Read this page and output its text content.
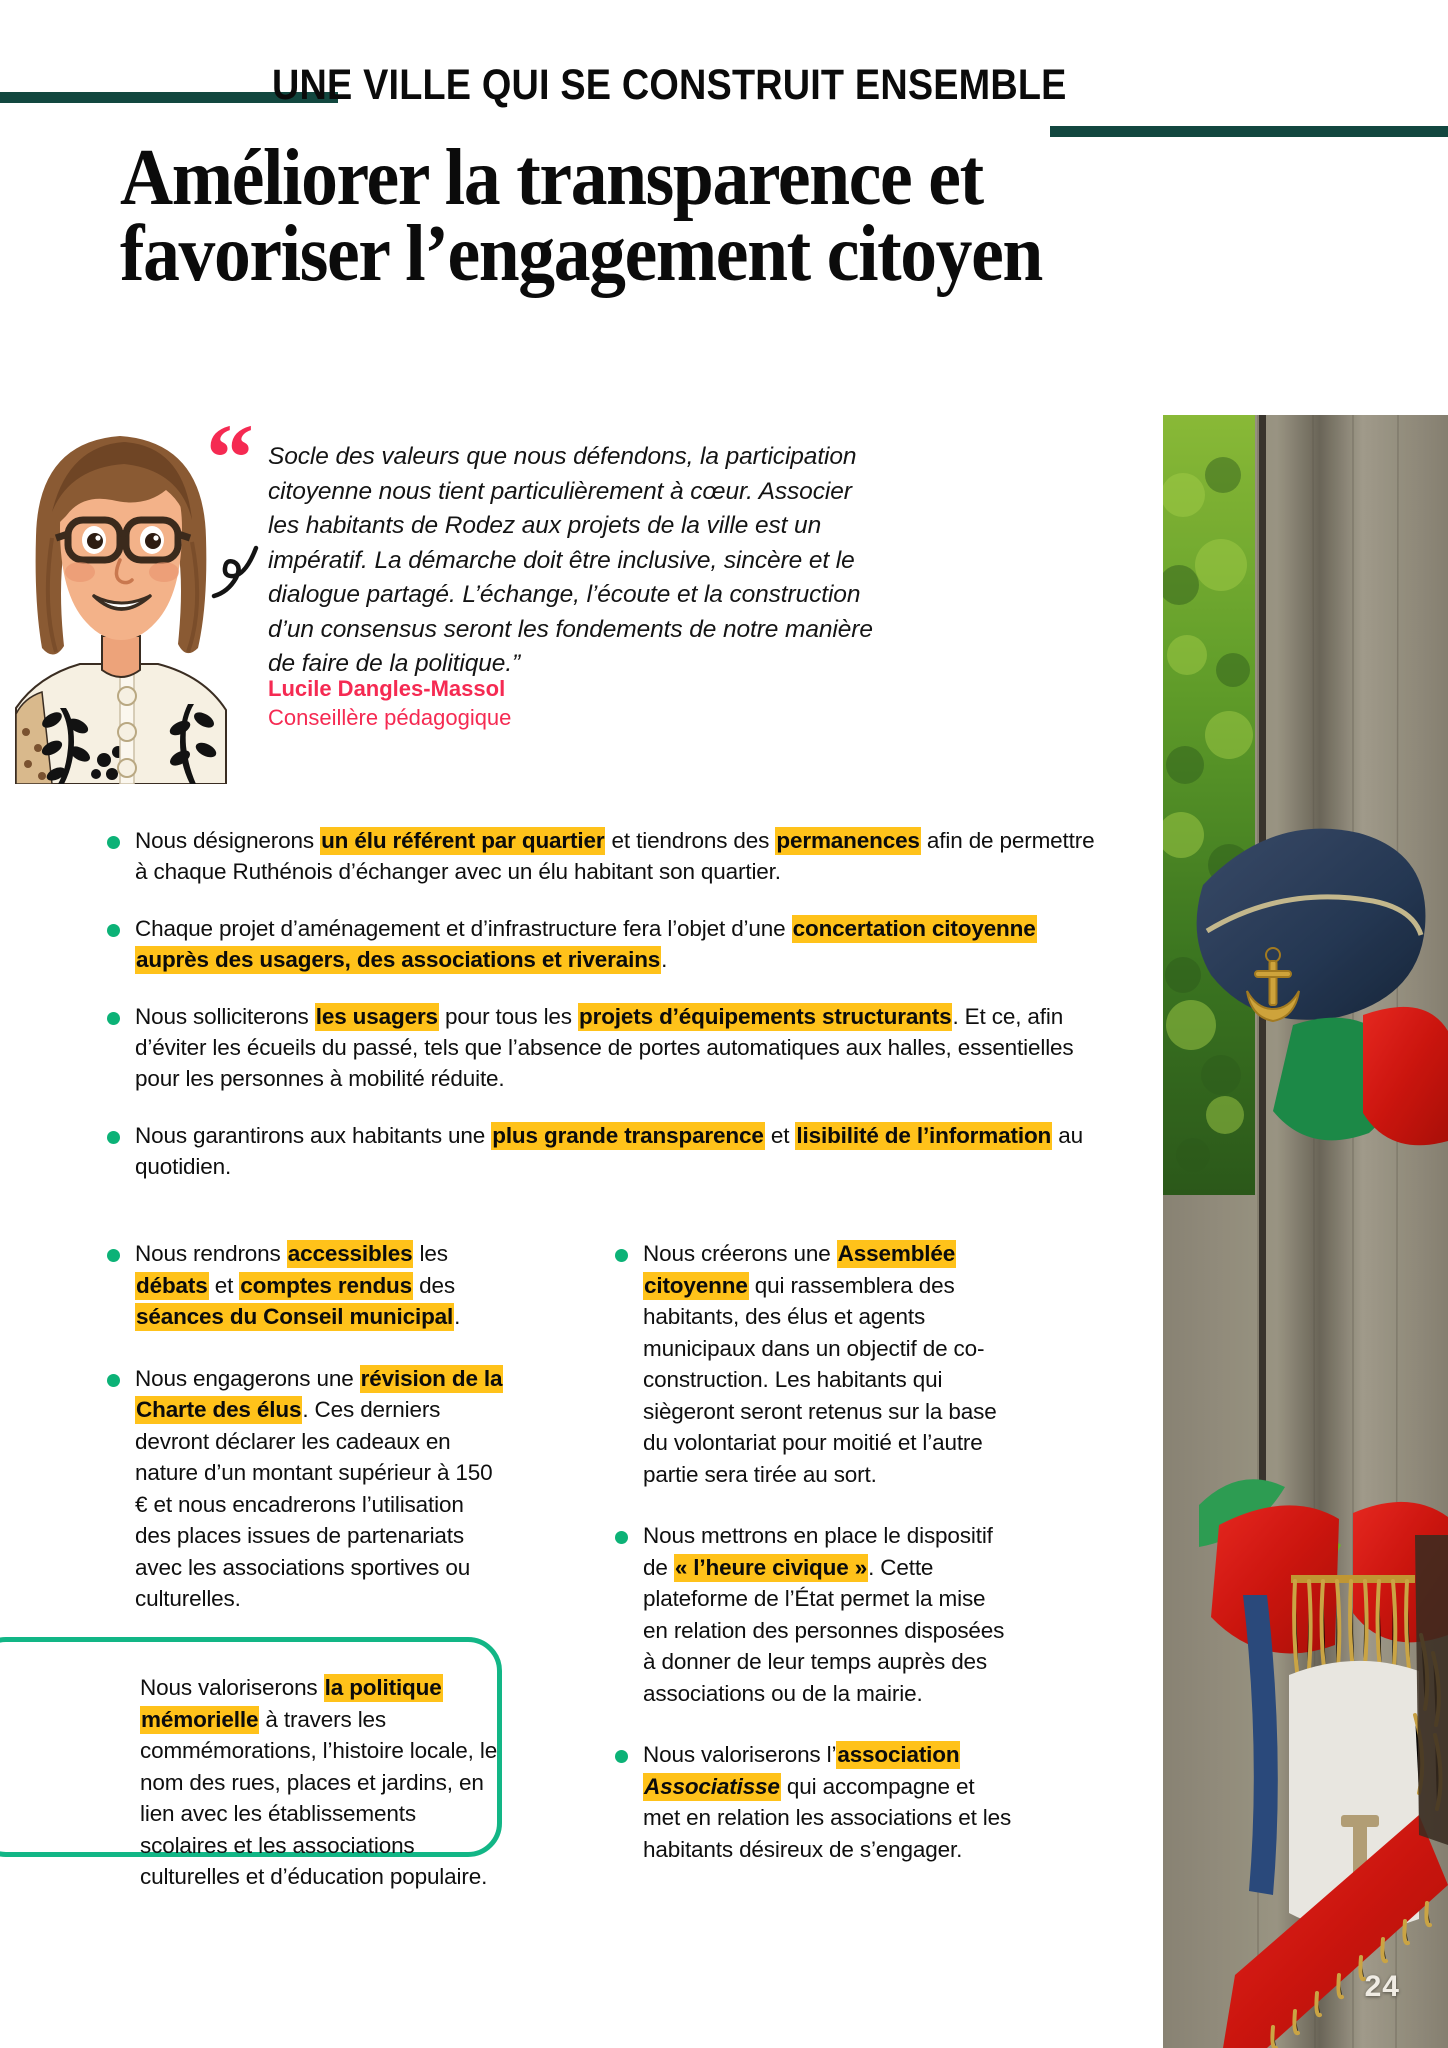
UNE VILLE QUI SE CONSTRUIT ENSEMBLE
Améliorer la transparence et
favoriser l’engagement citoyen
“ Socle des valeurs que nous défendons, la participation citoyenne nous tient particulièrement à cœur. Associer les habitants de Rodez aux projets de la ville est un impératif. La démarche doit être inclusive, sincère et le dialogue partagé. L’échange, l’écoute et la construction d’un consensus seront les fondements de notre manière de faire de la politique.”
Lucile Dangles-Massol
Conseillère pédagogique
24
Nous désignerons un élu référent par quartier et tiendrons des permanences afin de permettre à chaque Ruthénois d’échanger avec un élu habitant son quartier.
Chaque projet d’aménagement et d’infrastructure fera l’objet d’une concertation citoyenne auprès des usagers, des associations et riverains.
Nous solliciterons les usagers pour tous les projets d’équipements structurants. Et ce, afin d’éviter les écueils du passé, tels que l’absence de portes automatiques aux halles, essentielles pour les personnes à mobilité réduite.
Nous garantirons aux habitants une plus grande transparence et lisibilité de l’information au quotidien.
Nous rendrons accessibles les débats et comptes rendus des séances du Conseil municipal.
Nous engagerons une révision de la Charte des élus. Ces derniers devront déclarer les cadeaux en nature d’un montant supérieur à 150 € et nous encadrerons l’utilisation des places issues de partenariats avec les associations sportives ou culturelles.
Nous créerons une Assemblée citoyenne qui rassemblera des habitants, des élus et agents municipaux dans un objectif de co-construction. Les habitants qui siègeront seront retenus sur la base du volontariat pour moitié et l’autre partie sera tirée au sort.
Nous mettrons en place le dispositif de « l’heure civique ». Cette plateforme de l’État permet la mise en relation des personnes disposées à donner de leur temps auprès des associations ou de la mairie.
Nous valoriserons l’association Associatisse qui accompagne et met en relation les associations et les habitants désireux de s’engager.
Nous valoriserons la politique mémorielle à travers les commémorations, l’histoire locale, le nom des rues, places et jardins, en lien avec les établissements scolaires et les associations culturelles et d’éducation populaire.
